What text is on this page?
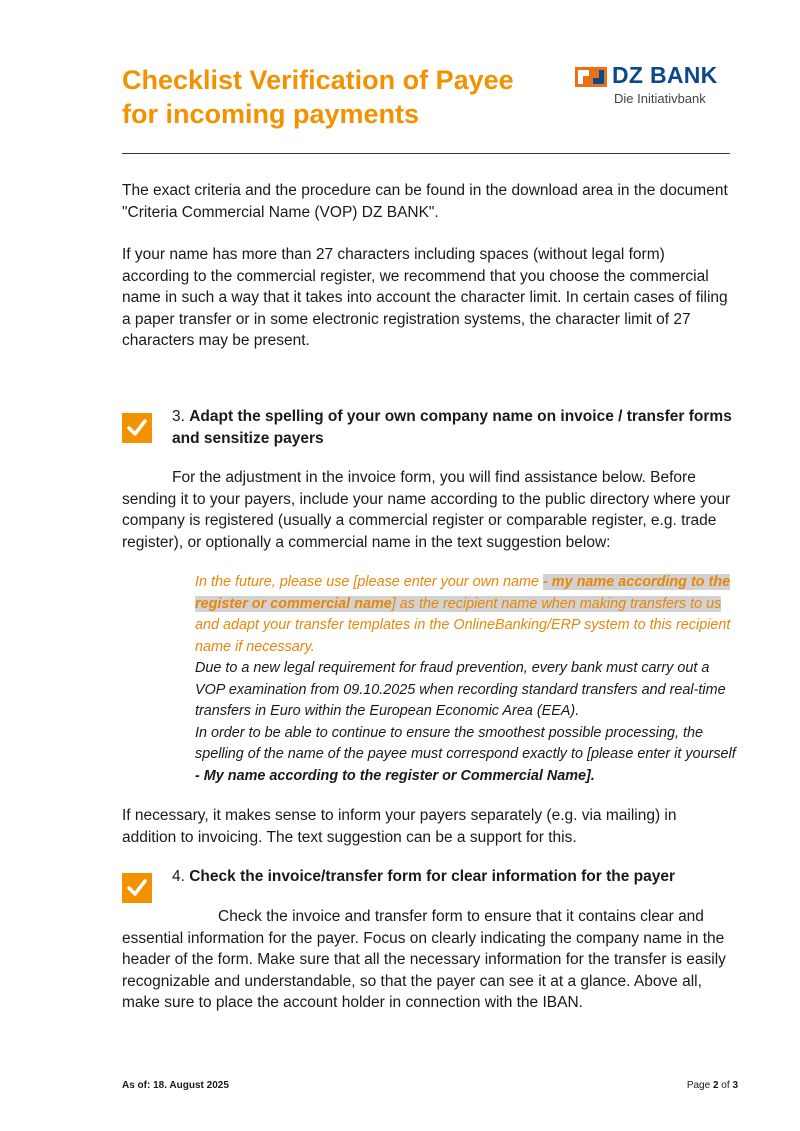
Checklist Verification of Payee
for incoming payments
DZ BANK
Die Initiativbank
The exact criteria and the procedure can be found in the download area in the document "Criteria Commercial Name (VOP) DZ BANK".
If your name has more than 27 characters including spaces (without legal form) according to the commercial register, we recommend that you choose the commercial name in such a way that it takes into account the character limit. In certain cases of filing a paper transfer or in some electronic registration systems, the character limit of 27 characters may be present.
3. Adapt the spelling of your own company name on invoice / transfer forms and sensitize payers
For the adjustment in the invoice form, you will find assistance below. Before sending it to your payers, include your name according to the public directory where your company is registered (usually a commercial register or comparable register, e.g. trade register), or optionally a commercial name in the text suggestion below:
In the future, please use [please enter your own name - my name according to the register or commercial name] as the recipient name when making transfers to us and adapt your transfer templates in the OnlineBanking/ERP system to this recipient name if necessary.
Due to a new legal requirement for fraud prevention, every bank must carry out a VOP examination from 09.10.2025 when recording standard transfers and real-time transfers in Euro within the European Economic Area (EEA).
In order to be able to continue to ensure the smoothest possible processing, the spelling of the name of the payee must correspond exactly to [please enter it yourself - My name according to the register or Commercial Name].
If necessary, it makes sense to inform your payers separately (e.g. via mailing) in addition to invoicing. The text suggestion can be a support for this.
4. Check the invoice/transfer form for clear information for the payer
Check the invoice and transfer form to ensure that it contains clear and essential information for the payer. Focus on clearly indicating the company name in the header of the form. Make sure that all the necessary information for the transfer is easily recognizable and understandable, so that the payer can see it at a glance. Above all, make sure to place the account holder in connection with the IBAN.
As of: 18. August 2025	Page 2 of 3
